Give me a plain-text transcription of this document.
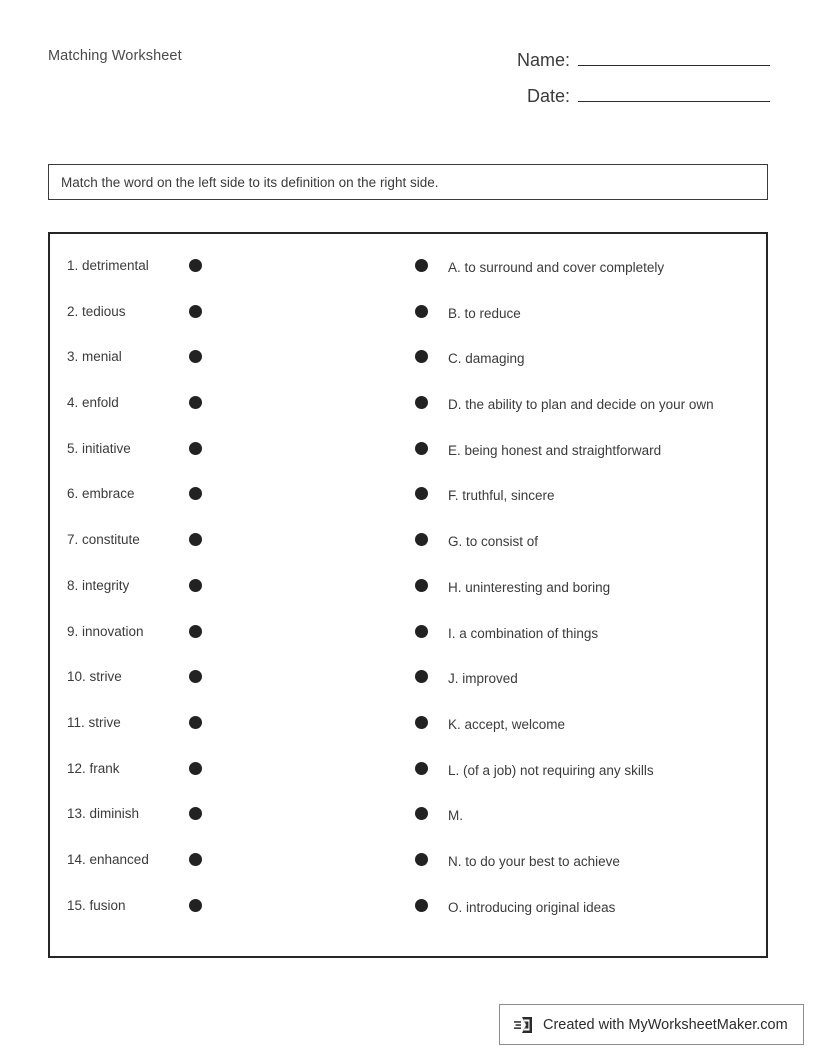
Matching Worksheet	Name:
Date:
Match the word on the left side to its definition on the right side.
1. detrimental
2. tedious
3. menial
4. enfold
5. initiative
6. embrace
7. constitute
8. integrity
9. innovation
10. strive
11. strive
12. frank
13. diminish
14. enhanced
15. fusion
A. to surround and cover completely
B. to reduce
C. damaging
D. the ability to plan and decide on your own
E. being honest and straightforward
F. truthful, sincere
G. to consist of
H. uninteresting and boring
I. a combination of things
J. improved
K. accept, welcome
L. (of a job) not requiring any skills
M.
N. to do your best to achieve
O. introducing original ideas
Created with MyWorksheetMaker.com
